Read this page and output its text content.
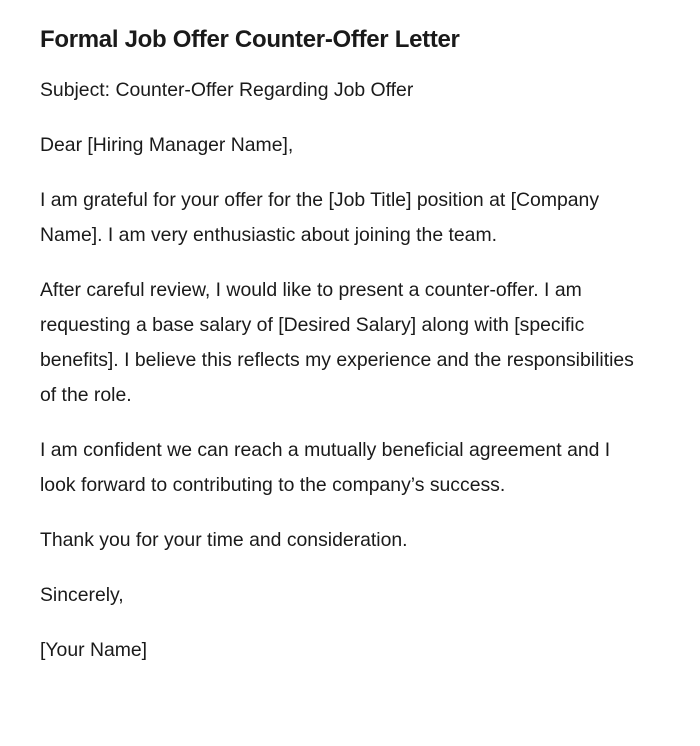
Formal Job Offer Counter-Offer Letter

Subject: Counter-Offer Regarding Job Offer

Dear [Hiring Manager Name],

I am grateful for your offer for the [Job Title] position at [Company Name]. I am very enthusiastic about joining the team.

After careful review, I would like to present a counter-offer. I am requesting a base salary of [Desired Salary] along with [specific benefits]. I believe this reflects my experience and the responsibilities of the role.

I am confident we can reach a mutually beneficial agreement and I look forward to contributing to the company’s success.

Thank you for your time and consideration.

Sincerely,

[Your Name]
